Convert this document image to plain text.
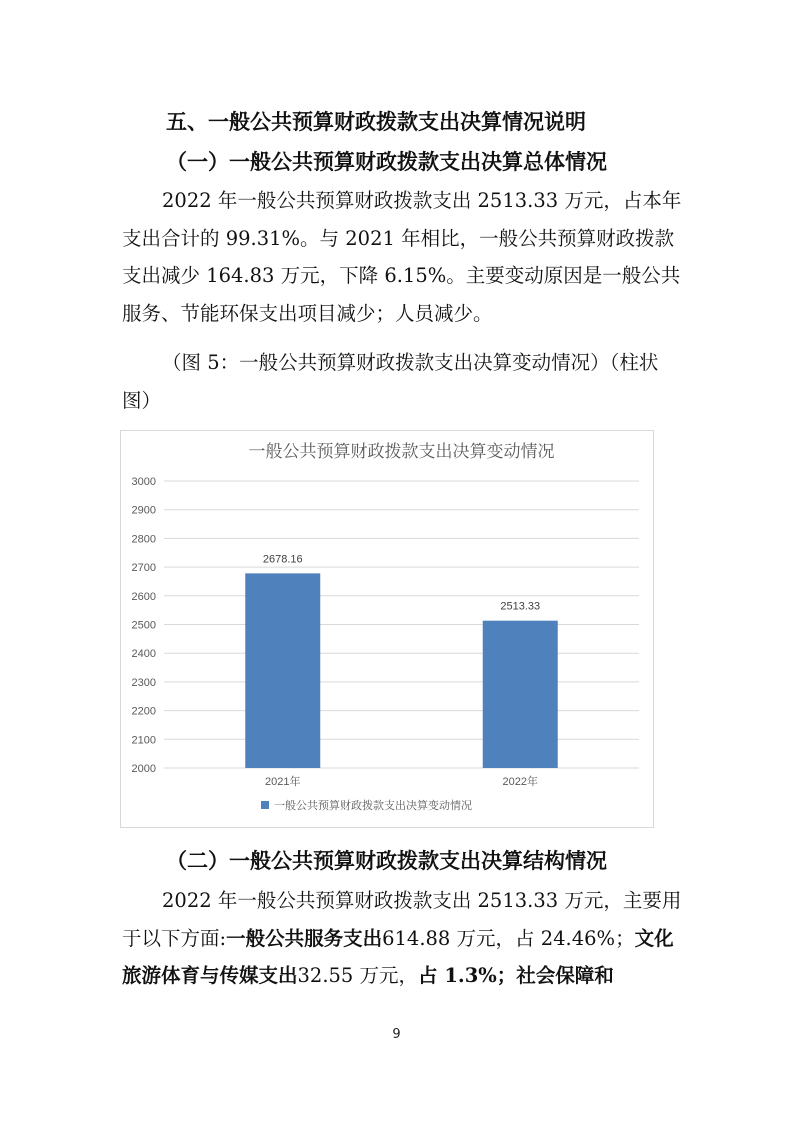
五、一般公共预算财政拨款支出决算情况说明
（一）一般公共预算财政拨款支出决算总体情况
2022 年一般公共预算财政拨款支出 2513.33 万元，占本年支出合计的 99.31%。与 2021 年相比，一般公共预算财政拨款支出减少 164.83 万元，下降 6.15%。主要变动原因是一般公共服务、节能环保支出项目减少；人员减少。
（图 5：一般公共预算财政拨款支出决算变动情况）（柱状图）
一般公共预算财政拨款支出决算变动情况
2000
2100
2200
2300
2400
2500
2600
2700
2800
2900
3000
2678.16
2021年
2513.33
2022年
一般公共预算财政拨款支出决算变动情况
（二）一般公共预算财政拨款支出决算结构情况
2022 年一般公共预算财政拨款支出 2513.33 万元，主要用于以下方面:一般公共服务支出614.88 万元，占 24.46%；文化旅游体育与传媒支出32.55 万元，占 1.3%；社会保障和
9
